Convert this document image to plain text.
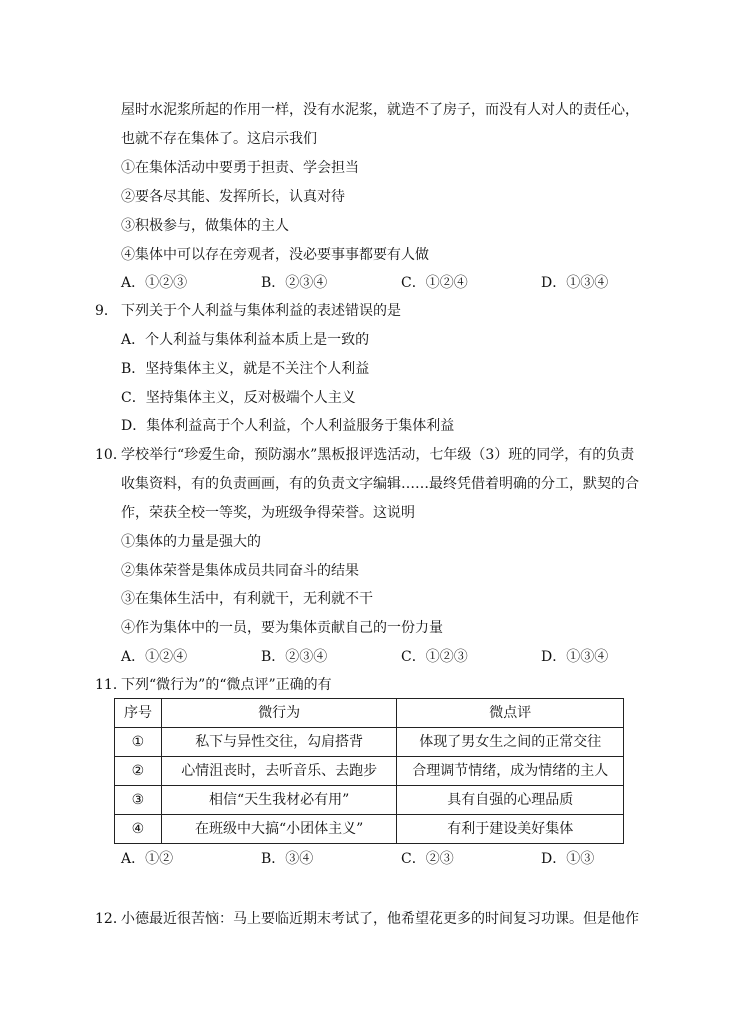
屋时水泥浆所起的作用一样，没有水泥浆，就造不了房子，而没有人对人的责任心，
也就不存在集体了。这启示我们
①在集体活动中要勇于担责、学会担当
②要各尽其能、发挥所长，认真对待
③积极参与，做集体的主人
④集体中可以存在旁观者，没必要事事都要有人做
A．①②③	B．②③④	C．①②④	D．①③④
9． 下列关于个人利益与集体利益的表述错误的是
A．个人利益与集体利益本质上是一致的
B．坚持集体主义，就是不关注个人利益
C．坚持集体主义，反对极端个人主义
D．集体利益高于个人利益，个人利益服务于集体利益
10．
学校举行“珍爱生命，预防溺水”黑板报评选活动，七年级（3）班的同学，有的负责
收集资料，有的负责画画，有的负责文字编辑……最终凭借着明确的分工，默契的合
作，荣获全校一等奖，为班级争得荣誉。这说明
①集体的力量是强大的
②集体荣誉是集体成员共同奋斗的结果
③在集体生活中，有利就干，无利就不干
④作为集体中的一员，要为集体贡献自己的一份力量
A．①②④	B．②③④	C．①②③	D．①③④
11．
下列“微行为”的“微点评”正确的有
序号	微行为	微点评
①	私下与异性交往，勾肩搭背	体现了男女生之间的正常交往
②	心情沮丧时，去听音乐、去跑步	合理调节情绪，成为情绪的主人
③	相信“天生我材必有用”	具有自强的心理品质
④	在班级中大搞“小团体主义”	有利于建设美好集体
A．①②	B．③④	C．②③	D．①③
12．
小德最近很苦恼：马上要临近期末考试了，他希望花更多的时间复习功课。但是他作
